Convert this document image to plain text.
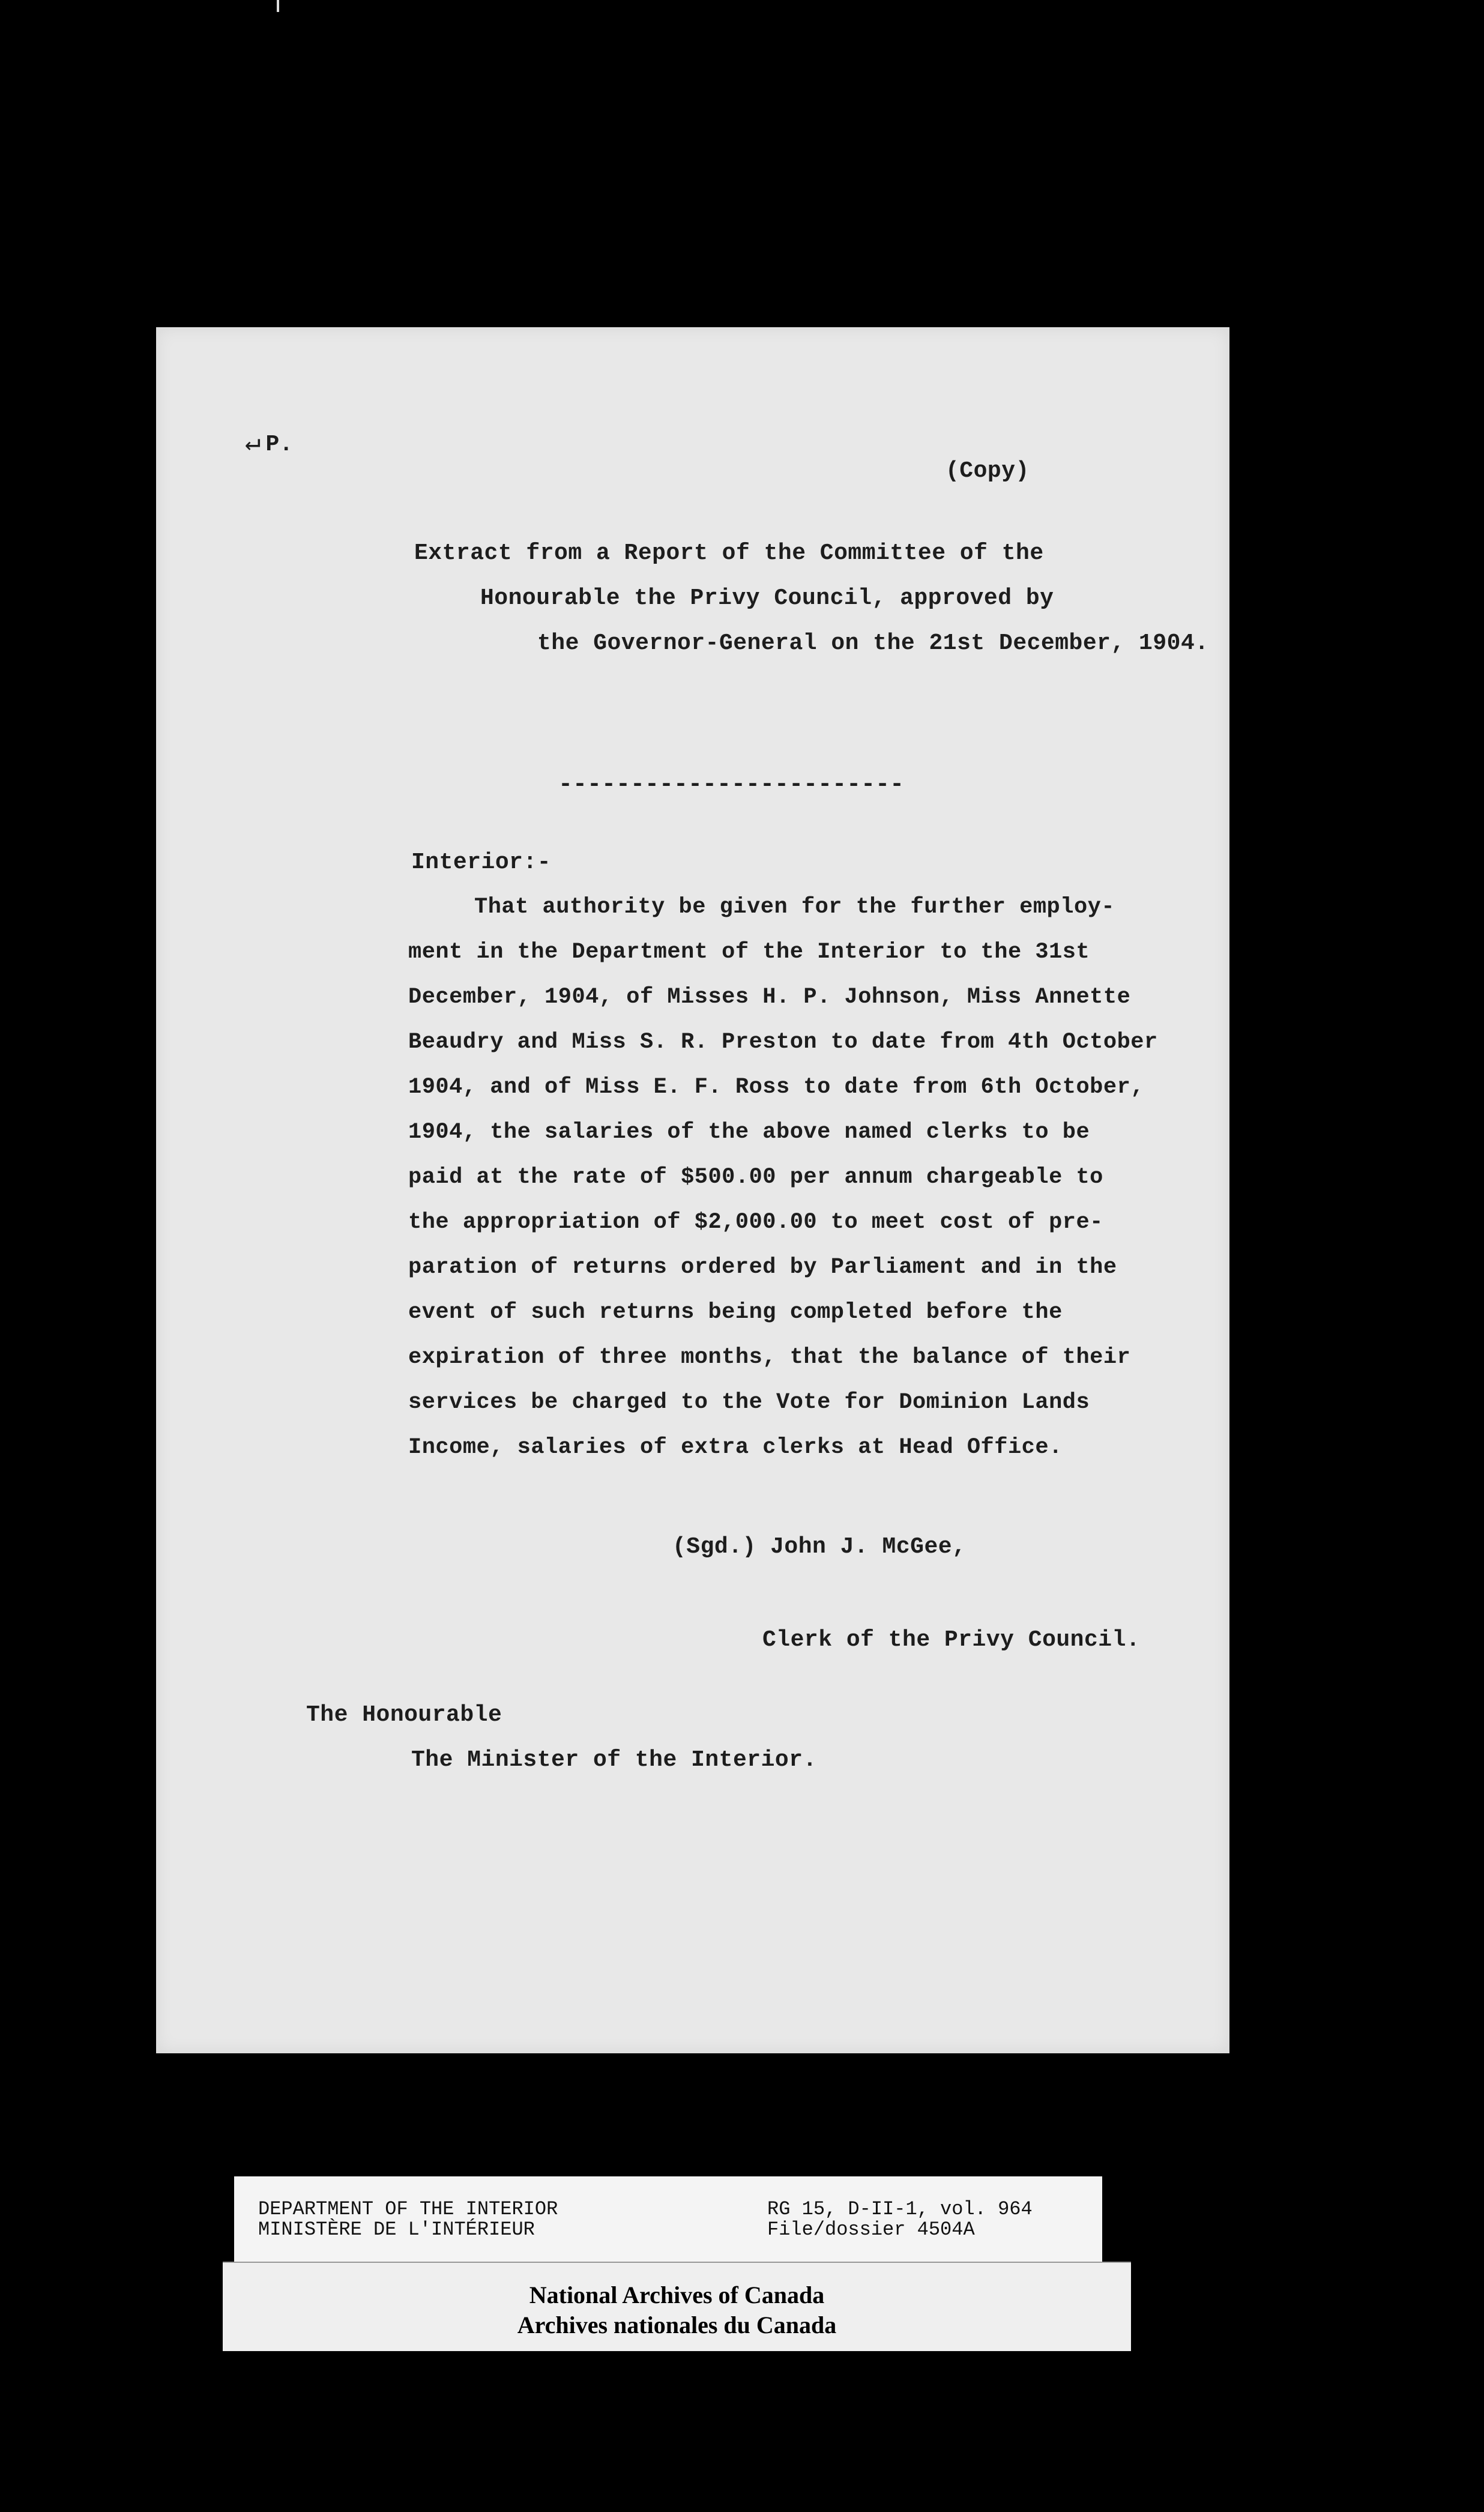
↵ P.
(Copy)
Extract from a Report of the Committee of the
Honourable the Privy Council, approved by
the Governor-General on the 21st December, 1904.
------------------------
Interior:-
That authority be given for the further employ-
ment in the Department of the Interior to the 31st
December, 1904, of Misses H. P. Johnson, Miss Annette
Beaudry and Miss S. R. Preston to date from 4th October
1904, and of Miss E. F. Ross to date from 6th October,
1904, the salaries of the above named clerks to be
paid at the rate of $500.00 per annum chargeable to
the appropriation of $2,000.00 to meet cost of pre-
paration of returns ordered by Parliament and in the
event of such returns being completed before the
expiration of three months, that the balance of their
services be charged to the Vote for Dominion Lands
Income, salaries of extra clerks at Head Office.
(Sgd.) John J. McGee,
Clerk of the Privy Council.
The Honourable
The Minister of the Interior.
DEPARTMENT OF THE INTERIOR
MINISTÈRE DE L'INTÉRIEUR
RG 15, D-II-1, vol. 964
File/dossier 4504A
National Archives of Canada
Archives nationales du Canada
